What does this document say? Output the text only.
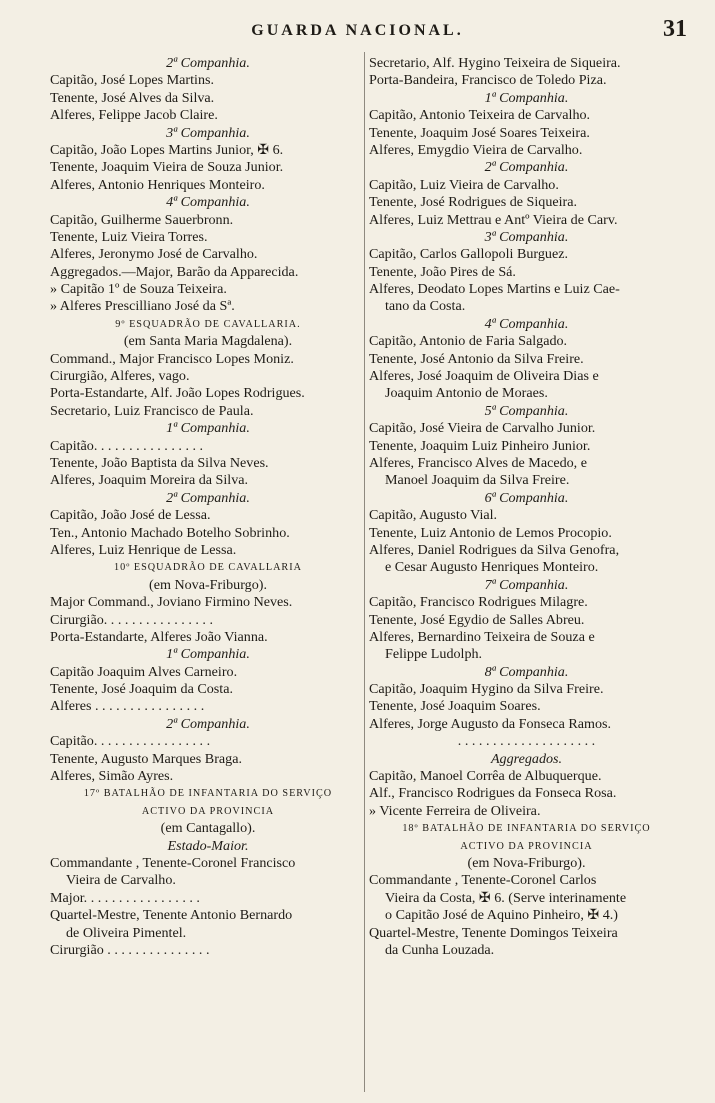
GUARDA NACIONAL.	31
2ª Companhia.
Capitão, José Lopes Martins.
Tenente, José Alves da Silva.
Alferes, Felippe Jacob Claire.
3ª Companhia.
Capitão, João Lopes Martins Junior, ✠ 6.
Tenente, Joaquim Vieira de Souza Junior.
Alferes, Antonio Henriques Monteiro.
4ª Companhia.
Capitão, Guilherme Sauerbronn.
Tenente, Luiz Vieira Torres.
Alferes, Jeronymo José de Carvalho.
Aggregados.—Major, Barão da Apparecida.
» Capitão 1º de Souza Teixeira.
» Alferes Prescilliano José da Sª.
9º ESQUADRÃO DE CAVALLARIA.
(em Santa Maria Magdalena).
Command., Major Francisco Lopes Moniz.
Cirurgião, Alferes, vago.
Porta-Estandarte, Alf. João Lopes Rodrigues.
Secretario, Luiz Francisco de Paula.
1ª Companhia.
Capitão. . . . . . . . . . . . . . . .
Tenente, João Baptista da Silva Neves.
Alferes, Joaquim Moreira da Silva.
2ª Companhia.
Capitão, João José de Lessa.
Ten., Antonio Machado Botelho Sobrinho.
Alferes, Luiz Henrique de Lessa.
10º ESQUADRÃO DE CAVALLARIA
(em Nova-Friburgo).
Major Command., Joviano Firmino Neves.
Cirurgião. . . . . . . . . . . . . . . .
Porta-Estandarte, Alferes João Vianna.
1ª Companhia.
Capitão Joaquim Alves Carneiro.
Tenente, José Joaquim da Costa.
Alferes . . . . . . . . . . . . . . . .
2ª Companhia.
Capitão. . . . . . . . . . . . . . . . .
Tenente, Augusto Marques Braga.
Alferes, Simão Ayres.
17º BATALHÃO DE INFANTARIA DO SERVIÇO
ACTIVO DA PROVINCIA
(em Cantagallo).
Estado-Maior.
Commandante , Tenente-Coronel Francisco
Vieira de Carvalho.
Major. . . . . . . . . . . . . . . . .
Quartel-Mestre, Tenente Antonio Bernardo
de Oliveira Pimentel.
Cirurgião . . . . . . . . . . . . . . .
Secretario, Alf. Hygino Teixeira de Siqueira.
Porta-Bandeira, Francisco de Toledo Piza.
1ª Companhia.
Capitão, Antonio Teixeira de Carvalho.
Tenente, Joaquim José Soares Teixeira.
Alferes, Emygdio Vieira de Carvalho.
2ª Companhia.
Capitão, Luiz Vieira de Carvalho.
Tenente, José Rodrigues de Siqueira.
Alferes, Luiz Mettrau e Antº Vieira de Carv.
3ª Companhia.
Capitão, Carlos Gallopoli Burguez.
Tenente, João Pires de Sá.
Alferes, Deodato Lopes Martins e Luiz Cae-
tano da Costa.
4ª Companhia.
Capitão, Antonio de Faria Salgado.
Tenente, José Antonio da Silva Freire.
Alferes, José Joaquim de Oliveira Dias e
Joaquim Antonio de Moraes.
5ª Companhia.
Capitão, José Vieira de Carvalho Junior.
Tenente, Joaquim Luiz Pinheiro Junior.
Alferes, Francisco Alves de Macedo, e
Manoel Joaquim da Silva Freire.
6ª Companhia.
Capitão, Augusto Vial.
Tenente, Luiz Antonio de Lemos Procopio.
Alferes, Daniel Rodrigues da Silva Genofra,
e Cesar Augusto Henriques Monteiro.
7ª Companhia.
Capitão, Francisco Rodrigues Milagre.
Tenente, José Egydio de Salles Abreu.
Alferes, Bernardino Teixeira de Souza e
Felippe Ludolph.
8ª Companhia.
Capitão, Joaquim Hygino da Silva Freire.
Tenente, José Joaquim Soares.
Alferes, Jorge Augusto da Fonseca Ramos.
. . . . . . . . . . . . . . . . . . . .
Aggregados.
Capitão, Manoel Corrêa de Albuquerque.
Alf., Francisco Rodrigues da Fonseca Rosa.
» Vicente Ferreira de Oliveira.
18º BATALHÃO DE INFANTARIA DO SERVIÇO
ACTIVO DA PROVINCIA
(em Nova-Friburgo).
Commandante , Tenente-Coronel Carlos
Vieira da Costa, ✠ 6. (Serve interinamente
o Capitão José de Aquino Pinheiro, ✠ 4.)
Quartel-Mestre, Tenente Domingos Teixeira
da Cunha Louzada.
